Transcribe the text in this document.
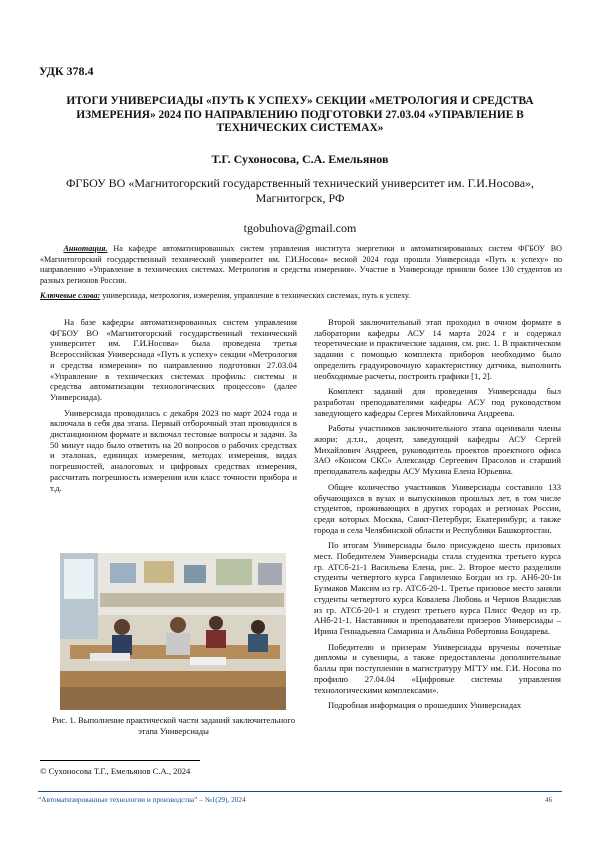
УДК 378.4
ИТОГИ УНИВЕРСИАДЫ «ПУТЬ К УСПЕХУ» СЕКЦИИ «МЕТРОЛОГИЯ И СРЕДСТВА ИЗМЕРЕНИЯ» 2024 ПО НАПРАВЛЕНИЮ ПОДГОТОВКИ 27.03.04 «УПРАВЛЕНИЕ В ТЕХНИЧЕСКИХ СИСТЕМАХ»
Т.Г. Сухоносова, С.А. Емельянов
ФГБОУ ВО «Магнитогорский государственный технический университет им. Г.И.Носова»,
Магнитогрск, РФ
tgobuhova@gmail.com
Аннотация. На кафедре автоматизированных систем управления института энергетики и автоматизированных систем ФГБОУ ВО «Магнитогорский государственный технический университет им. Г.И.Носова» весной 2024 года прошла Универсиада «Путь к успеху» по направлению «Управление в технических системах. Метрология и средства измерения». Участие в Универсиаде приняли более 130 студентов из разных регионов России.
Ключевые слова: универсиада, метрология, измерения, управление в технических системах, путь к успеху.

На базе кафедры автоматизированных систем управления ФГБОУ ВО «Магнитогорский государственный технический университет им. Г.И.Носова» была проведена третья Всероссийская Универсиада «Путь к успеху» секции «Метрология и средства измерения» по направлению подготовки 27.03.04 «Управление в технических системах профиль: системы и средства автоматизации технологических процессов» (далее Универсиада).

Универсиада проводилась с декабря 2023 по март 2024 года и включала в себя два этапа. Первый отборочный этап проводился в дистанционном формате и включал тестовые вопросы и задачи. За 50 минут надо было ответить на 20 вопросов о рабочих средствах и эталонах, единицах измерения, методах измерения, видах погрешностей, аналоговых и цифровых средствах измерения, рассчитать погрешность измерения или класс точности прибора и т.д.

Рис. 1. Выполнение практической части заданий заключительного этапа Универсиады

Второй заключительный этап проходил в очном формате в лаборатории кафедры АСУ 14 марта 2024 г и содержал теоретические и практические задания, см. рис. 1. В практическом задании с помощью комплекта приборов необходимо было определить градуировочную характеристику датчика, выполнить необходимые расчеты, построить графики [1, 2].

Комплект заданий для проведения Универсиады был разработан преподавателями кафедры АСУ под руководством заведующего кафедры Сергея Михайловича Андреева.

Работы участников заключительного этапа оценивали члены жюри: д.т.н., доцент, заведующий кафедры АСУ Сергей Михайлович Андреев, руководитель проектов проектного офиса ЗАО «Консом СКС» Александр Сергеевич Прасолов и старший преподаватель кафедры АСУ Мухина Елена Юрьевна.

Общее количество участников Универсиады составило 133 обучающихся в вузах и выпускников прошлых лет, в том числе студентов, проживающих в других городах и регионах России, среди которых Москва, Санкт-Петербург, Екатеринбург, а также города и села Челябинской области и Республики Башкортостан.

По итогам Универсиады было присуждено шесть призовых мест. Победителем Универсиады стала студентка третьего курса гр. АТСб-21-1 Васильева Елена, рис. 2. Второе место разделили студенты четвертого курса Гавриленко Богдан из гр. АНб-20-1и Бузмаков Максим из гр. АТСб-20-1. Третье призовое место заняли студенты четвертого курса Ковалева Любовь и Чернов Владислав из гр. АТСб-20-1 и студент третьего курса Плисс Федор из гр. АНб-21-1. Наставники и преподаватели призеров Универсиады – Ирина Геннадьевна Самарина и Альбина Робертовна Бондарева.

Победителю и призерам Универсиады вручены почетные дипломы и сувениры, а также предоставлены дополнительные баллы при поступлении в магистратуру МГТУ им. Г.И. Носова по профилю 27.04.04 «Цифровые системы управления технологическими комплексами».

Подробная информация о прошедших Универсиадах

© Сухоносова Т.Г., Емельянов С.А., 2024
“Автоматизированные технологии и производства” – №1(29), 2024	46
